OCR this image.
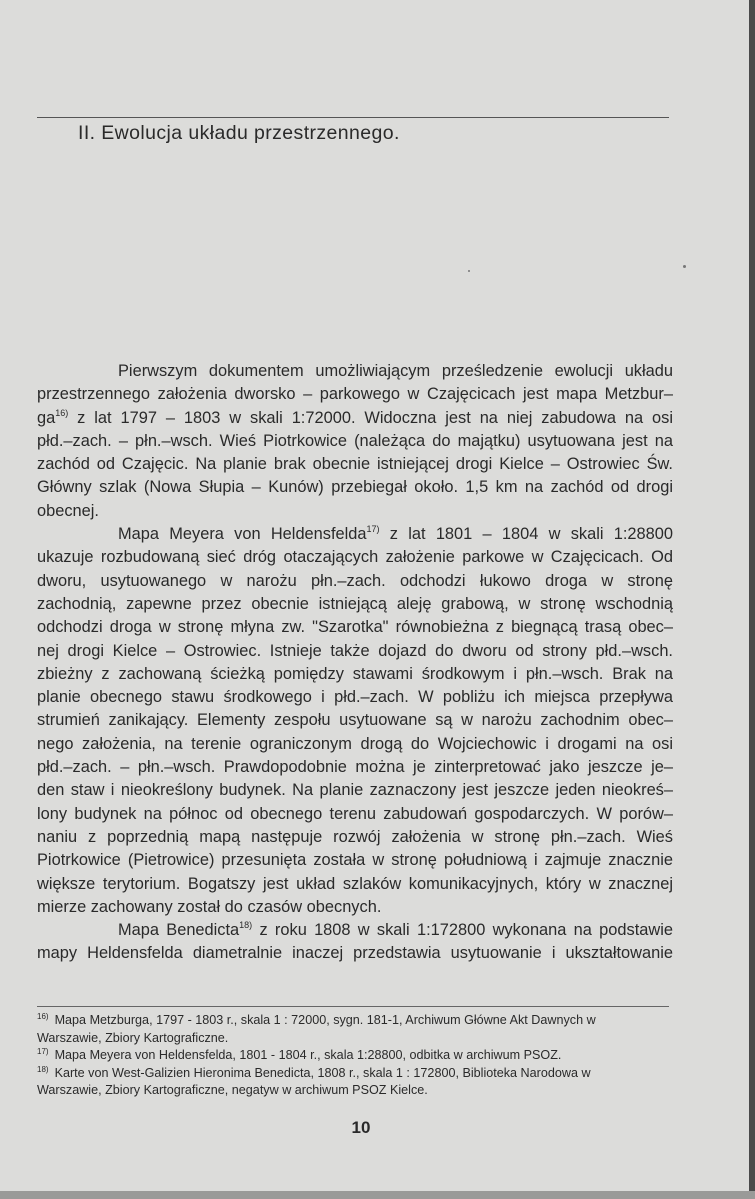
II. Ewolucja układu przestrzennego.
Pierwszym dokumentem umożliwiającym prześledzenie ewolucji układu
przestrzennego założenia dworsko – parkowego w Czajęcicach jest mapa Metzbur–
$ga^{16)}$ z lat 1797 – 1803 w skali 1:72000. Widoczna jest na niej zabudowa na osi
płd.–zach. – płn.–wsch. Wieś Piotrkowice (należąca do majątku) usytuowana jest na
zachód od Czajęcic. Na planie brak obecnie istniejącej drogi Kielce – Ostrowiec Św.
Główny szlak (Nowa Słupia – Kunów) przebiegał około. 1,5 km na zachód od drogi
obecnej.
Mapa Meyera von Heldensfelda$^{17)}$ z lat 1801 – 1804 w skali 1:28800
ukazuje rozbudowaną sieć dróg otaczających założenie parkowe w Czajęcicach. Od
dworu, usytuowanego w narożu płn.–zach. odchodzi łukowo droga w stronę
zachodnią, zapewne przez obecnie istniejącą aleję grabową, w stronę wschodnią
odchodzi droga w stronę młyna zw. "Szarotka" równobieżna z biegnącą trasą obec–
nej drogi Kielce – Ostrowiec. Istnieje także dojazd do dworu od strony płd.–wsch.
zbieżny z zachowaną ścieżką pomiędzy stawami środkowym i płn.–wsch. Brak na
planie obecnego stawu środkowego i płd.–zach. W pobliżu ich miejsca przepływa
strumień zanikający. Elementy zespołu usytuowane są w narożu zachodnim obec–
nego założenia, na terenie ograniczonym drogą do Wojciechowic i drogami na osi
płd.–zach. – płn.–wsch. Prawdopodobnie można je zinterpretować jako jeszcze je–
den staw i nieokreślony budynek. Na planie zaznaczony jest jeszcze jeden nieokreś–
lony budynek na północ od obecnego terenu zabudowań gospodarczych. W porów–
naniu z poprzednią mapą następuje rozwój założenia w stronę płn.–zach. Wieś
Piotrkowice (Pietrowice) przesunięta została w stronę południową i zajmuje znacznie
większe terytorium. Bogatszy jest układ szlaków komunikacyjnych, który w znacznej
mierze zachowany został do czasów obecnych.
Mapa Benedicta$^{18)}$ z roku 1808 w skali 1:172800 wykonana na podstawie
mapy Heldensfelda diametralnie inaczej przedstawia usytuowanie i ukształtowanie
$^{16)}$ Mapa Metzburga, 1797 - 1803 r., skala 1 : 72000, sygn. 181-1, Archiwum Główne Akt Dawnych w
Warszawie, Zbiory Kartograficzne.
$^{17)}$ Mapa Meyera von Heldensfelda, 1801 - 1804 r., skala 1:28800, odbitka w archiwum PSOZ.
$^{18)}$ Karte von West-Galizien Hieronima Benedicta, 1808 r., skala 1 : 172800, Biblioteka Narodowa w
Warszawie, Zbiory Kartograficzne, negatyw w archiwum PSOZ Kielce.
10
